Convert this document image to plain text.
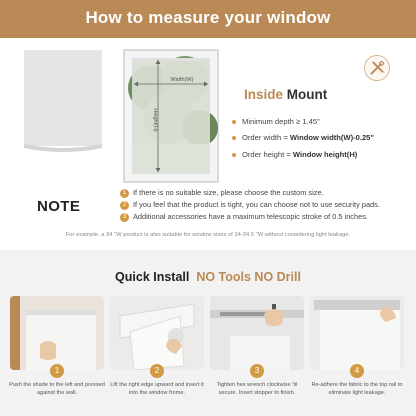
How to measure your window
Width(W)
Height(H)
Inside Mount
Minimum depth ≥ 1.45"
Order width = Window width(W)-0.25"
Order height = Window height(H)
NOTE
1 If there is no suitable size, please choose the custom size.
2 If you feel that the product is tight, you can choose not to use security pads.
3 Additional accessories have a maximum telescopic stroke of 0.5 inches.
For example, a 34 "W product is also suitable for window sizes of 34-34.5 "W without considering light leakage.
Quick Install NO Tools NO Drill
1	2	3	4
Push the shade to the left and pressed against the wall.
Lift the right edge upward and insert it into the window frome.
Tighten hex wrench clockwise 'til secure. Insert stopper to finish.
Re-adhere the fabric to the top rail to eliminate light leakage.
